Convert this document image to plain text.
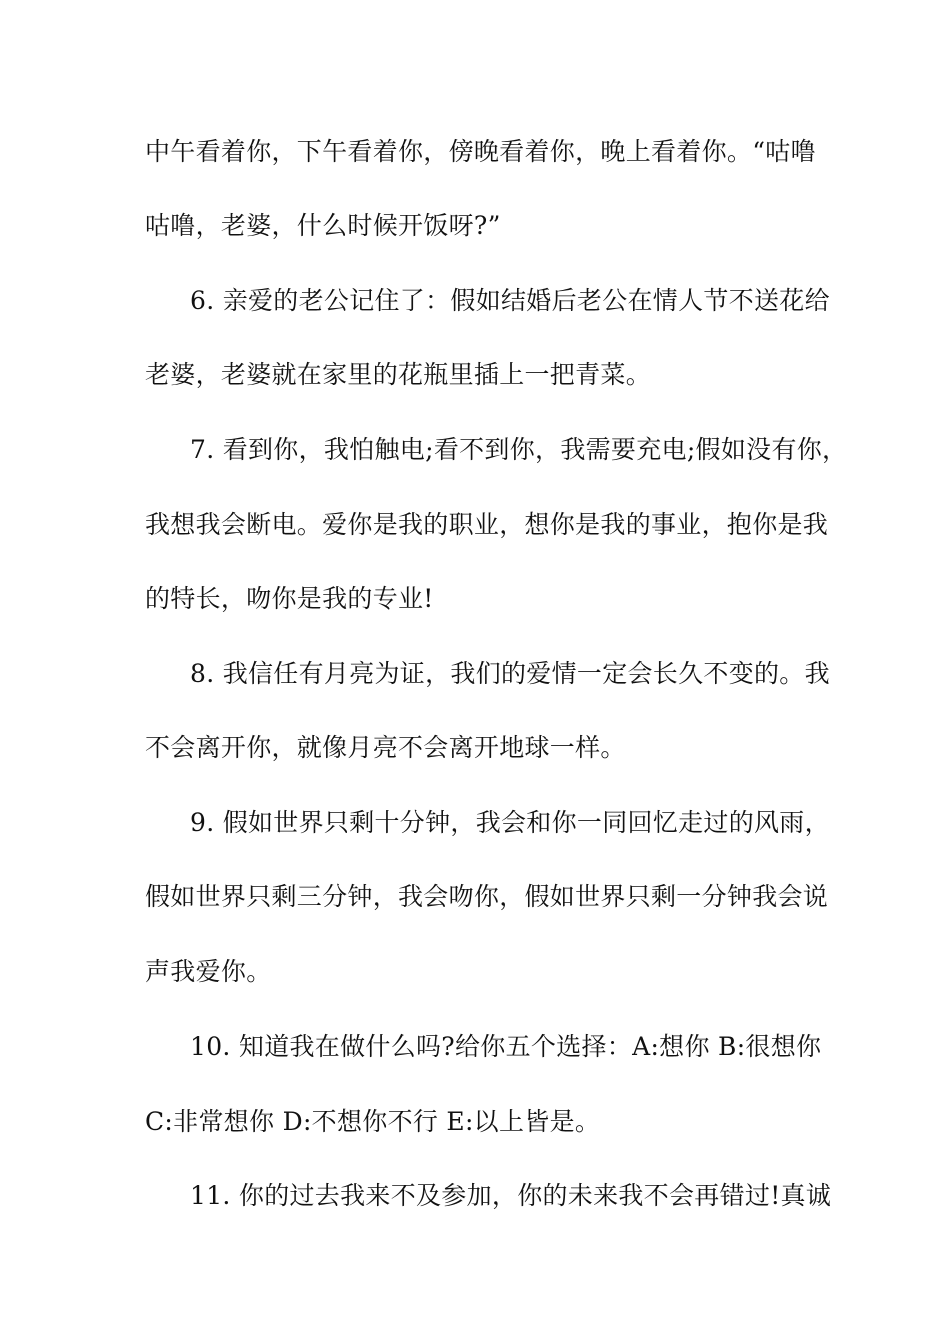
中午看着你，下午看着你，傍晚看着你，晚上看着你。“咕噜

咕噜，老婆，什么时候开饭呀?”

6. 亲爱的老公记住了：假如结婚后老公在情人节不送花给

老婆，老婆就在家里的花瓶里插上一把青菜。

7. 看到你，我怕触电;看不到你，我需要充电;假如没有你，

我想我会断电。爱你是我的职业，想你是我的事业，抱你是我

的特长，吻你是我的专业!

8. 我信任有月亮为证，我们的爱情一定会长久不变的。我

不会离开你，就像月亮不会离开地球一样。

9. 假如世界只剩十分钟，我会和你一同回忆走过的风雨，

假如世界只剩三分钟，我会吻你，假如世界只剩一分钟我会说

声我爱你。

10. 知道我在做什么吗?给你五个选择：A:想你 B:很想你

C:非常想你 D:不想你不行 E:以上皆是。

11. 你的过去我来不及参加，你的未来我不会再错过!真诚
